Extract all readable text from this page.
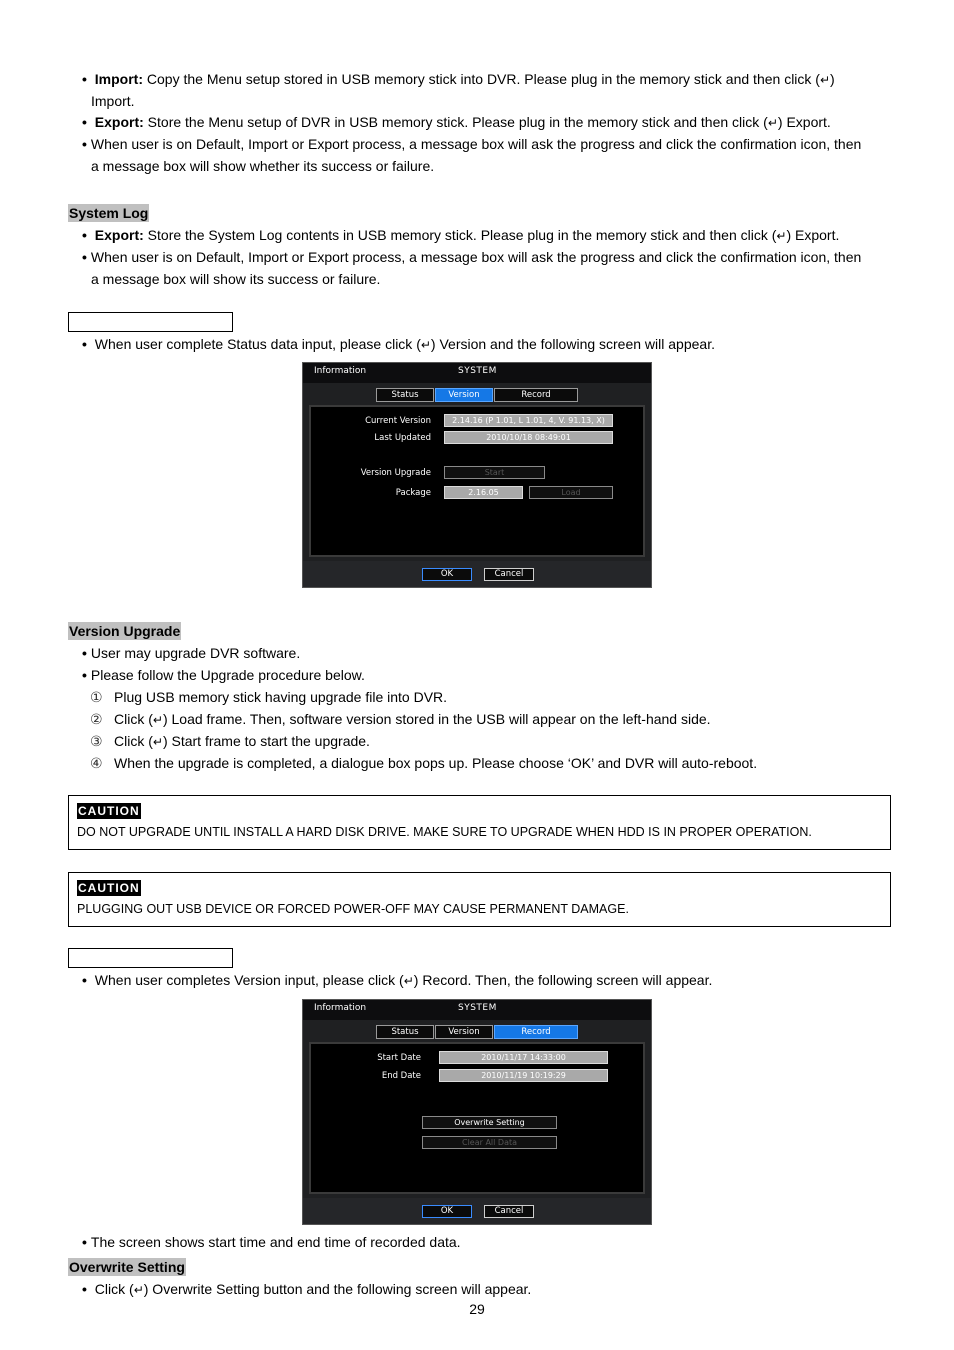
• Import: Copy the Menu setup stored in USB memory stick into DVR. Please plug in the memory stick and then click (↵)
Import.
• Export: Store the Menu setup of DVR in USB memory stick. Please plug in the memory stick and then click (↵) Export.
• When user is on Default, Import or Export process, a message box will ask the progress and click the confirmation icon, then
a message box will show whether its success or failure.
System Log
• Export: Store the System Log contents in USB memory stick. Please plug in the memory stick and then click (↵) Export.
• When user is on Default, Import or Export process, a message box will ask the progress and click the confirmation icon, then
a message box will show its success or failure.
• When user complete Status data input, please click (↵) Version and the following screen will appear.
Information	SYSTEM
Status	Version	Record
Current Version	2.14.16 (P 1.01, L 1.01, 4, V. 91.13, X)
Last Updated	2010/10/18 08:49:01
Version Upgrade	Start
Package	2.16.05	Load
OK	Cancel
Version Upgrade
• User may upgrade DVR software.
• Please follow the Upgrade procedure below.
① Plug USB memory stick having upgrade file into DVR.
② Click (↵) Load frame. Then, software version stored in the USB will appear on the left-hand side.
③ Click (↵) Start frame to start the upgrade.
④ When the upgrade is completed, a dialogue box pops up. Please choose ‘OK’ and DVR will auto-reboot.
CAUTION
DO NOT UPGRADE UNTIL INSTALL A HARD DISK DRIVE. MAKE SURE TO UPGRADE WHEN HDD IS IN PROPER OPERATION.
CAUTION
PLUGGING OUT USB DEVICE OR FORCED POWER-OFF MAY CAUSE PERMANENT DAMAGE.
• When user completes Version input, please click (↵) Record. Then, the following screen will appear.
Information	SYSTEM
Status	Version	Record
Start Date	2010/11/17 14:33:00
End Date	2010/11/19 10:19:29
Overwrite Setting
Clear All Data
OK	Cancel
• The screen shows start time and end time of recorded data.
Overwrite Setting
• Click (↵) Overwrite Setting button and the following screen will appear.
29
